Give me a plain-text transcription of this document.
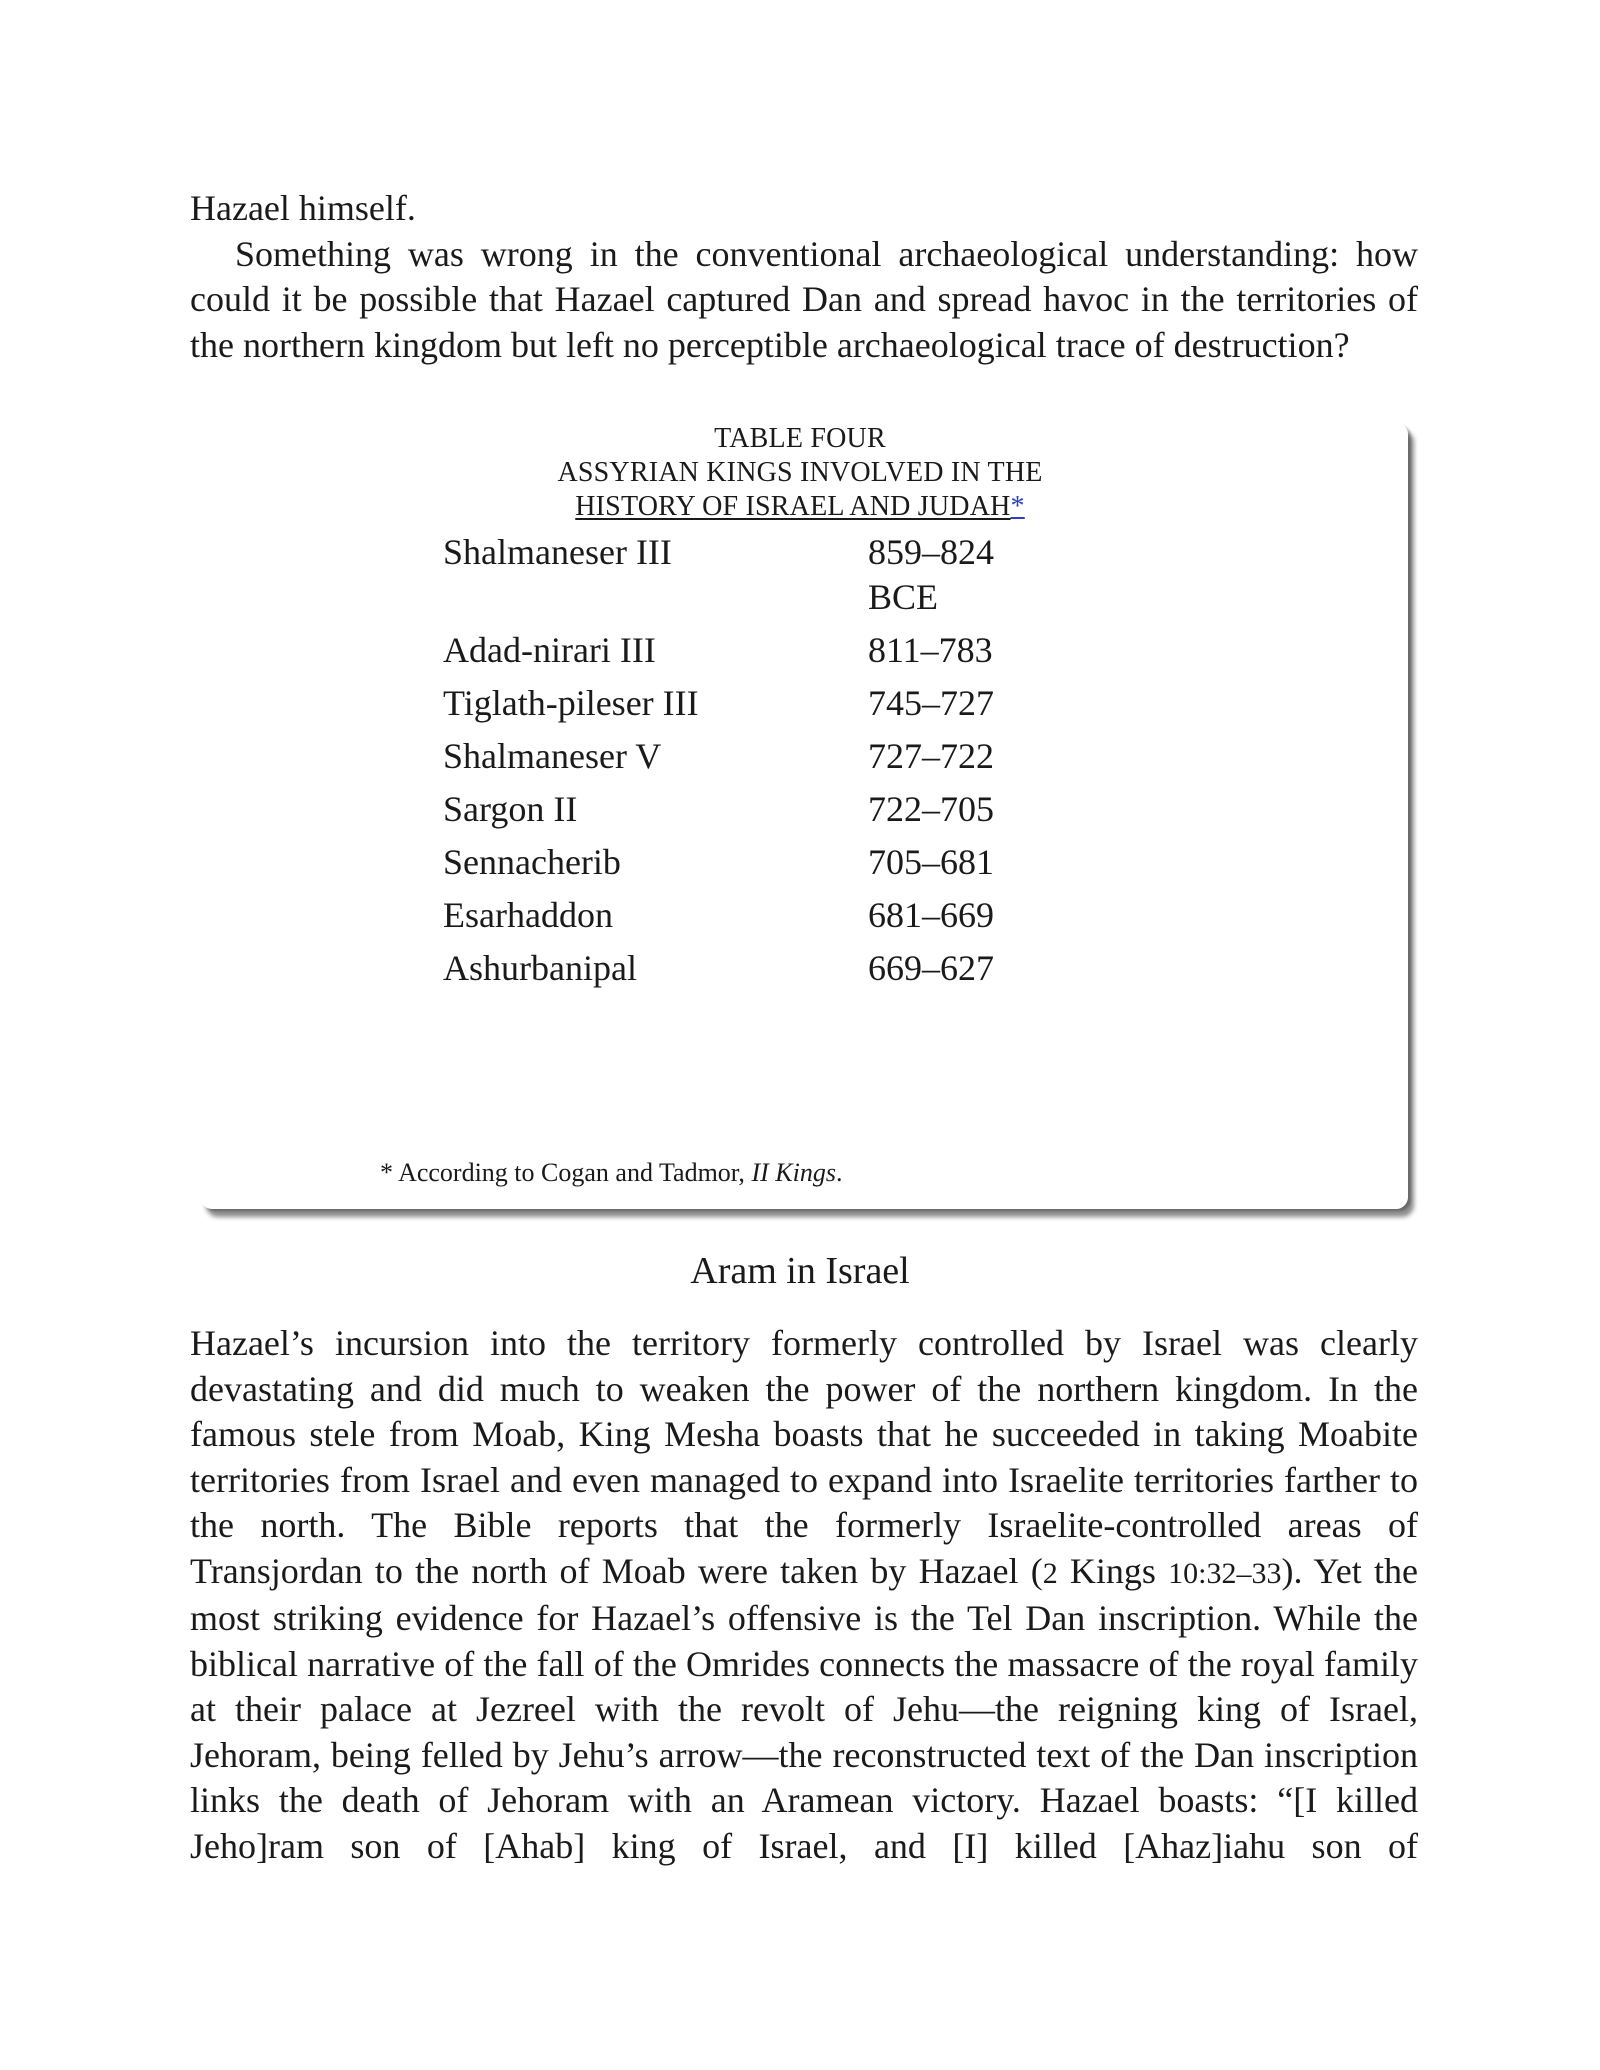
Hazael himself.

Something was wrong in the conventional archaeological understanding: how could it be possible that Hazael captured Dan and spread havoc in the territories of the northern kingdom but left no perceptible archaeological trace of destruction?

TABLE FOUR
ASSYRIAN KINGS INVOLVED IN THE
HISTORY OF ISRAEL AND JUDAH*
Shalmaneser III	859–824 BCE
Adad-nirari III	811–783
Tiglath-pileser III	745–727
Shalmaneser V	727–722
Sargon II	722–705
Sennacherib	705–681
Esarhaddon	681–669
Ashurbanipal	669–627
* According to Cogan and Tadmor, II Kings.
Aram in Israel

Hazael’s incursion into the territory formerly controlled by Israel was clearly devastating and did much to weaken the power of the northern kingdom. In the famous stele from Moab, King Mesha boasts that he succeeded in taking Moabite territories from Israel and even managed to expand into Israelite territories farther to the north. The Bible reports that the formerly Israelite-controlled areas of Transjordan to the north of Moab were taken by Hazael (2 Kings 10:32–33). Yet the most striking evidence for Hazael’s offensive is the Tel Dan inscription. While the biblical narrative of the fall of the Omrides connects the massacre of the royal family at their palace at Jezreel with the revolt of Jehu—the reigning king of Israel, Jehoram, being felled by Jehu’s arrow—the reconstructed text of the Dan inscription links the death of Jehoram with an Aramean victory. Hazael boasts: “[I killed Jeho]ram son of [Ahab] king of Israel, and [I] killed [Ahaz]iahu son of
